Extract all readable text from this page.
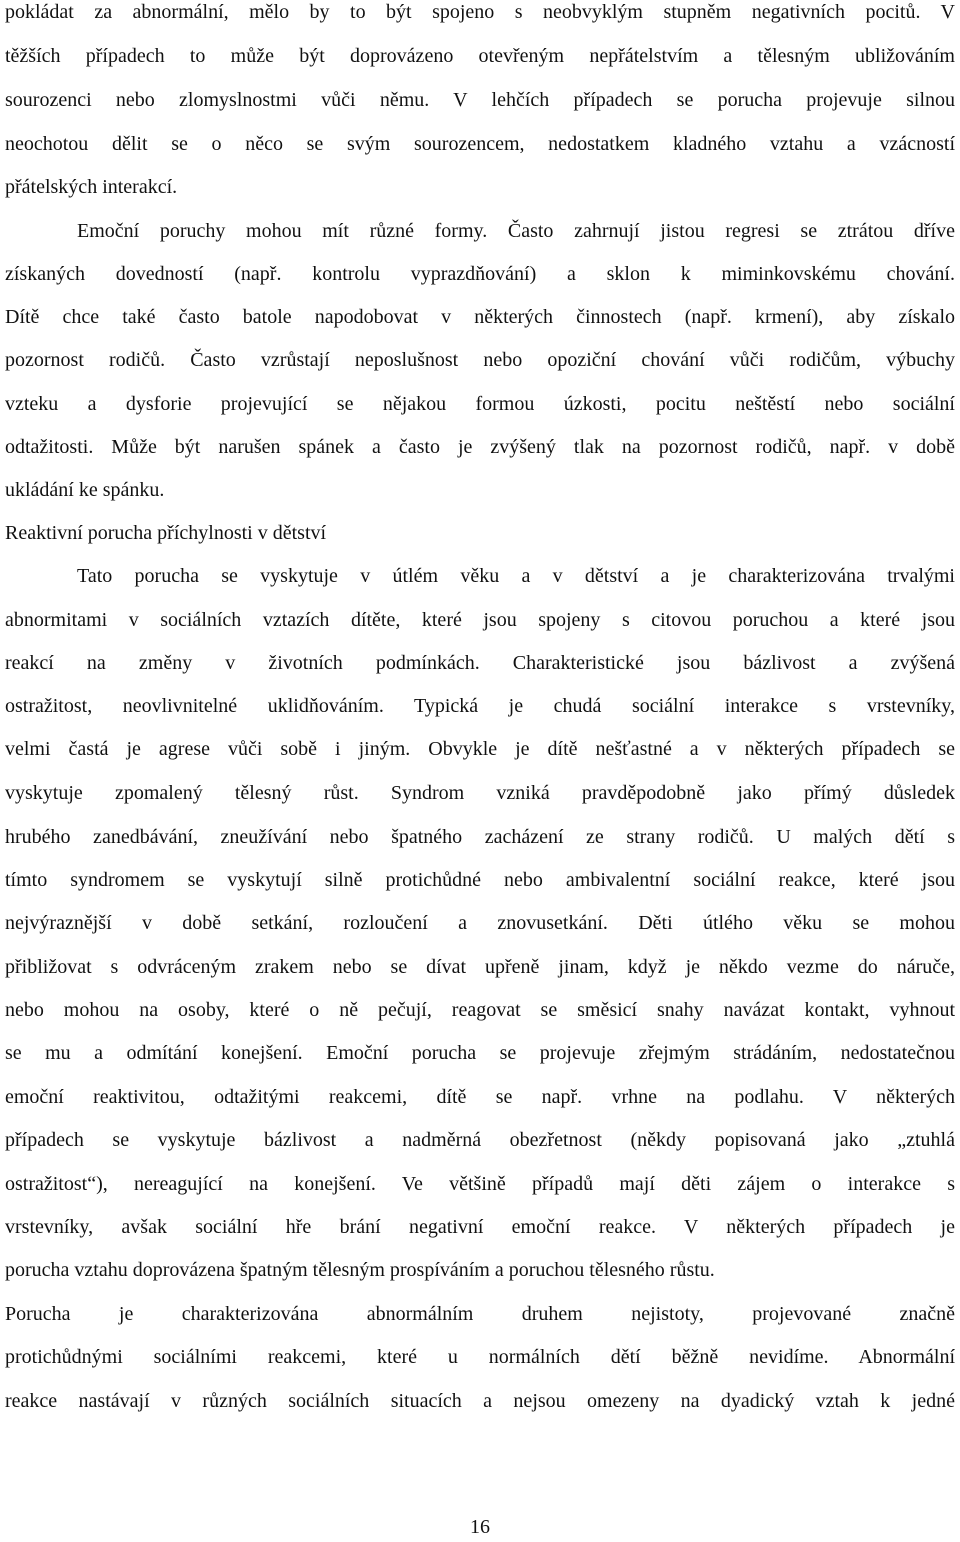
pokládat za abnormální, mělo by to být spojeno s neobvyklým stupněm negativních pocitů. V
těžších případech to může být doprovázeno otevřeným nepřátelstvím a tělesným ubližováním
sourozenci nebo zlomyslnostmi vůči němu. V lehčích případech se porucha projevuje silnou
neochotou dělit se o něco se svým sourozencem, nedostatkem kladného vztahu a vzácností
přátelských interakcí.
Emoční poruchy mohou mít různé formy. Často zahrnují jistou regresi se ztrátou dříve
získaných dovedností (např. kontrolu vyprazdňování) a sklon k miminkovskému chování.
Dítě chce také často batole napodobovat v některých činnostech (např. krmení), aby získalo
pozornost rodičů. Často vzrůstají neposlušnost nebo opoziční chování vůči rodičům, výbuchy
vzteku a dysforie projevující se nějakou formou úzkosti, pocitu neštěstí nebo sociální
odtažitosti. Může být narušen spánek a často je zvýšený tlak na pozornost rodičů, např. v době
ukládání ke spánku.
Reaktivní porucha příchylnosti v dětství
Tato porucha se vyskytuje v útlém věku a v dětství a je charakterizována trvalými
abnormitami v sociálních vztazích dítěte, které jsou spojeny s citovou poruchou a které jsou
reakcí na změny v životních podmínkách. Charakteristické jsou bázlivost a zvýšená
ostražitost, neovlivnitelné uklidňováním. Typická je chudá sociální interakce s vrstevníky,
velmi častá je agrese vůči sobě i jiným. Obvykle je dítě nešťastné a v některých případech se
vyskytuje zpomalený tělesný růst. Syndrom vzniká pravděpodobně jako přímý důsledek
hrubého zanedbávání, zneužívání nebo špatného zacházení ze strany rodičů. U malých dětí s
tímto syndromem se vyskytují silně protichůdné nebo ambivalentní sociální reakce, které jsou
nejvýraznější v době setkání, rozloučení a znovusetkání. Děti útlého věku se mohou
přibližovat s odvráceným zrakem nebo se dívat upřeně jinam, když je někdo vezme do náruče,
nebo mohou na osoby, které o ně pečují, reagovat se směsicí snahy navázat kontakt, vyhnout
se mu a odmítání konejšení. Emoční porucha se projevuje zřejmým strádáním, nedostatečnou
emoční reaktivitou, odtažitými reakcemi, dítě se např. vrhne na podlahu. V některých
případech se vyskytuje bázlivost a nadměrná obezřetnost (někdy popisovaná jako „ztuhlá
ostražitost“), nereagující na konejšení. Ve většině případů mají děti zájem o interakce s
vrstevníky, avšak sociální hře brání negativní emoční reakce. V některých případech je
porucha vztahu doprovázena špatným tělesným prospíváním a poruchou tělesného růstu.
Porucha je charakterizována abnormálním druhem nejistoty, projevované značně
protichůdnými sociálními reakcemi, které u normálních dětí běžně nevidíme. Abnormální
reakce nastávají v různých sociálních situacích a nejsou omezeny na dyadický vztah k jedné
16
